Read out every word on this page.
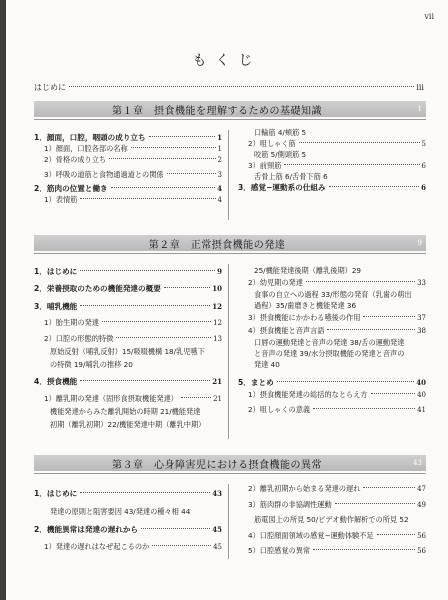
vii
もくじ
はじめに	iii
第１章　摂食機能を理解するための基礎知識	1
1．顔面，口腔，咽頭の成り立ち	1
1）顔面，口腔各部の名称	1
2）骨格の成り立ち	2
3）呼吸の道筋と食物通過道との関係	3
2．筋肉の位置と働き	4
1）表情筋	4
口輪筋 4/頬筋 5
2）咀しゃく筋	5
咬筋 5/側頭筋 5
3）前頸筋	6
舌骨上筋 6/舌骨下筋 6
3．感覚−運動系の仕組み	6
第２章　正常摂食機能の発達	9
1．はじめに	9
2．栄養摂取のための機能発達の概要	10
3．哺乳機能	12
1）胎生期の発達	12
2）口腔の形態的特徴	13
原始反射（哺乳反射）15/吸啜機構 18/乳児嚥下
の特徴 19/哺乳の推移 20
4．摂食機能	21
1）離乳期の発達（固形食摂取機能発達）	21
機能発達からみた離乳開始の時期 21/機能発達
初期（離乳初期）22/機能発達中期（離乳中期）
25/機能発達後期（離乳後期）29
2）幼児期の発達	33
食事の自立への過程 33/形態の発育（乳歯の萌出
過程）35/歯磨きと機能発達 36
3）摂食機能にかかわる嚥後の作用	37
4）摂食機能と音声言語	38
口唇の運動発達と音声の発達 38/舌の運動発達
と音声の発達 39/水分摂取機能の発達と音声の
発達 40
5．まとめ	40
1）摂食機能発達の総括的なとらえ方	40
2）咀しゃくの意義	41
第３章　心身障害児における摂食機能の異常	43
1．はじめに	43
発達の原則と阻害要因 43/発達の種々相 44
2．機能異常は発達の遅れから	45
1）発達の遅れはなぜ起こるのか	45
2）離乳初期から始まる発達の遅れ	47
3）筋肉群の非協調性運動	49
筋電図上の所見 50/ビデオ動作解析での所見 52
4）口腔顔面領域の感覚−運動体験不足	56
5）口腔感覚の異常	56
